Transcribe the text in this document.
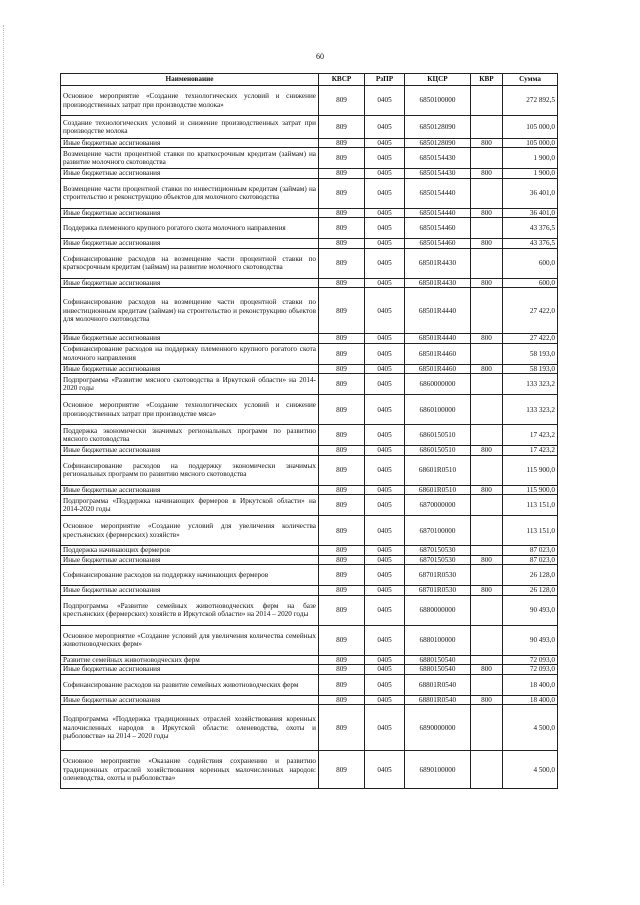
60
Наименование	КВСР	РзПР	КЦСР	КВР	Сумма
Основное мероприятие «Создание технологических условий и снижение производственных затрат при производстве молока»	809	0405	6850100000		272 892,5
Создание технологических условий и снижение производственных затрат при производстве молока	809	0405	6850128090		105 000,0
Иные бюджетные ассигнования	809	0405	6850128090	800	105 000,0
Возмещение части процентной ставки по краткосрочным кредитам (займам) на развитие молочного скотоводства	809	0405	6850154430		1 900,0
Иные бюджетные ассигнования	809	0405	6850154430	800	1 900,0
Возмещение части процентной ставки по инвестиционным кредитам (займам) на строительство и реконструкцию объектов для молочного скотоводства	809	0405	6850154440		36 401,0
Иные бюджетные ассигнования	809	0405	6850154440	800	36 401,0
Поддержка племенного крупного рогатого скота молочного направления	809	0405	6850154460		43 376,5
Иные бюджетные ассигнования	809	0405	6850154460	800	43 376,5
Софинансирование расходов на возмещение части процентной ставки по краткосрочным кредитам (займам) на развитие молочного скотоводства	809	0405	68501R4430		600,0
Иные бюджетные ассигнования	809	0405	68501R4430	800	600,0
Софинансирование расходов на возмещение части процентной ставки по инвестиционным кредитам (займам) на строительство и реконструкцию объектов для молочного скотоводства	809	0405	68501R4440		27 422,0
Иные бюджетные ассигнования	809	0405	68501R4440	800	27 422,0
Софинансирование расходов на поддержку племенного крупного рогатого скота молочного направления	809	0405	68501R4460		58 193,0
Иные бюджетные ассигнования	809	0405	68501R4460	800	58 193,0
Подпрограмма «Развитие мясного скотоводства в Иркутской области» на 2014-2020 годы	809	0405	6860000000		133 323,2
Основное мероприятие «Создание технологических условий и снижение производственных затрат при производстве мяса»	809	0405	6860100000		133 323,2
Поддержка экономически значимых региональных программ по развитию мясного скотоводства	809	0405	6860150510		17 423,2
Иные бюджетные ассигнования	809	0405	6860150510	800	17 423,2
Софинансирование расходов на поддержку экономически значимых региональных программ по развитию мясного скотоводства	809	0405	68601R0510		115 900,0
Иные бюджетные ассигнования	809	0405	68601R0510	800	115 900,0
Подпрограмма «Поддержка начинающих фермеров в Иркутской области» на 2014-2020 годы	809	0405	6870000000		113 151,0
Основное мероприятие «Создание условий для увеличения количества крестьянских (фермерских) хозяйств»	809	0405	6870100000		113 151,0
Поддержка начинающих фермеров	809	0405	6870150530		87 023,0
Иные бюджетные ассигнования	809	0405	6870150530	800	87 023,0
Софинансирование расходов на поддержку начинающих фермеров	809	0405	68701R0530		26 128,0
Иные бюджетные ассигнования	809	0405	68701R0530	800	26 128,0
Подпрограмма «Развитие семейных животноводческих ферм на базе крестьянских (фермерских) хозяйств в Иркутской области» на 2014 – 2020 годы	809	0405	6880000000		90 493,0
Основное мероприятие «Создание условий для увеличения количества семейных животноводческих ферм»	809	0405	6880100000		90 493,0
Развитие семейных животноводческих ферм	809	0405	6880150540		72 093,0
Иные бюджетные ассигнования	809	0405	6880150540	800	72 093,0
Софинансирование расходов на развитие семейных животноводческих ферм	809	0405	68801R0540		18 400,0
Иные бюджетные ассигнования	809	0405	68801R0540	800	18 400,0
Подпрограмма «Поддержка традиционных отраслей хозяйствования коренных малочисленных народов в Иркутской области: оленеводства, охоты и рыболовства» на 2014 – 2020 годы	809	0405	6890000000		4 500,0
Основное мероприятие «Оказание содействия сохранению и развитию традиционных отраслей хозяйствования коренных малочисленных народов: оленеводства, охоты и рыболовства»	809	0405	6890100000		4 500,0
